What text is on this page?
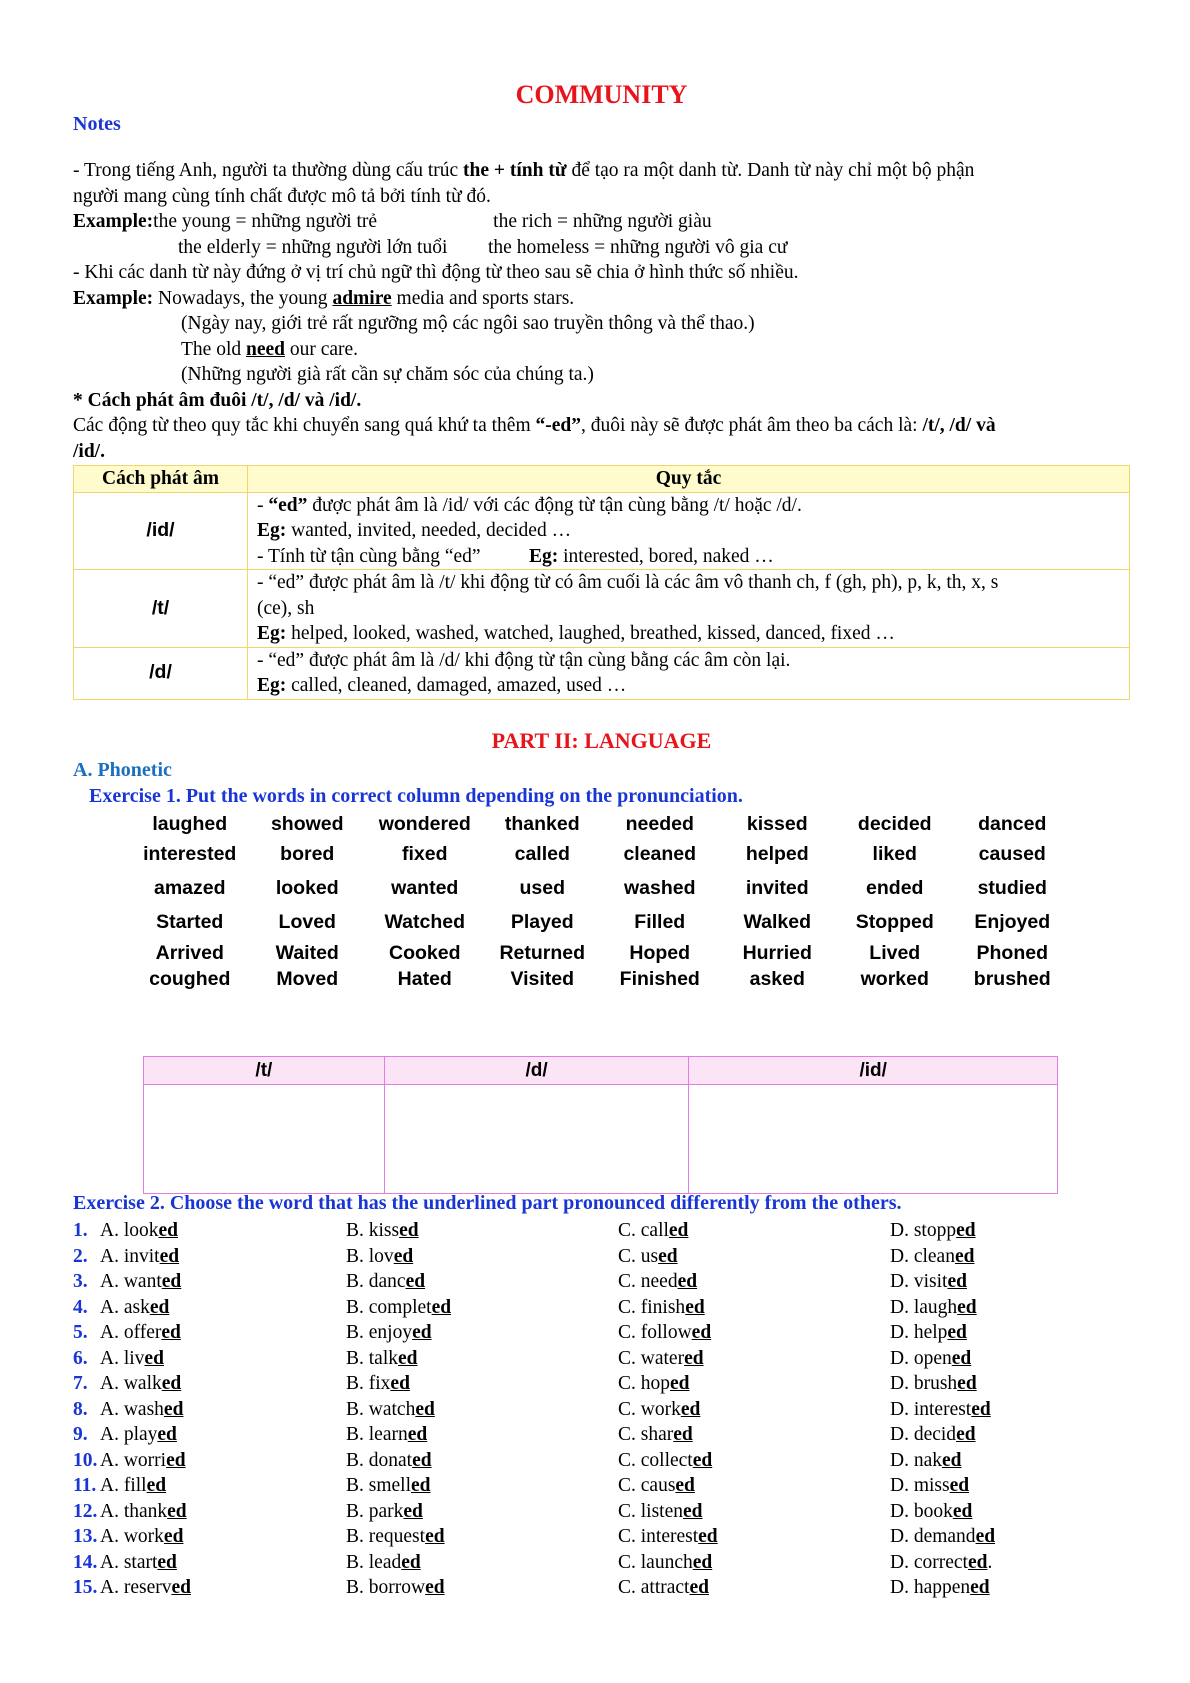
COMMUNITY
Notes
- Trong tiếng Anh, người ta thường dùng cấu trúc the + tính từ để tạo ra một danh từ. Danh từ này chỉ một bộ phận
người mang cùng tính chất được mô tả bởi tính từ đó.
Example:the young = những người trẻ	the rich = những người giàu
the elderly = những người lớn tuổi the homeless = những người vô gia cư
- Khi các danh từ này đứng ở vị trí chủ ngữ thì động từ theo sau sẽ chia ở hình thức số nhiều.
Example: Nowadays, the young admire media and sports stars.
(Ngày nay, giới trẻ rất ngưỡng mộ các ngôi sao truyền thông và thể thao.)
The old need our care.
(Những người già rất cần sự chăm sóc của chúng ta.)
* Cách phát âm đuôi /t/, /d/ và /id/.
Các động từ theo quy tắc khi chuyển sang quá khứ ta thêm “-ed”, đuôi này sẽ được phát âm theo ba cách là: /t/, /d/ và
/id/.
Cách phát âm	Quy tắc
/id/	- “ed” được phát âm là /id/ với các động từ tận cùng bằng /t/ hoặc /d/.
Eg: wanted, invited, needed, decided …
- Tính từ tận cùng bằng “ed” Eg: interested, bored, naked …

/t/	- “ed” được phát âm là /t/ khi động từ có âm cuối là các âm vô thanh ch, f (gh, ph), p, k, th, x, s
(ce), sh
Eg: helped, looked, washed, watched, laughed, breathed, kissed, danced, fixed …

/d/	- “ed” được phát âm là /d/ khi động từ tận cùng bằng các âm còn lại.
Eg: called, cleaned, damaged, amazed, used …
PART II: LANGUAGE
A. Phonetic
Exercise 1. Put the words in correct column depending on the pronunciation.
laughed	showed	wondered	thanked	needed	kissed	decided	danced
interested	bored	fixed	called	cleaned	helped	liked	caused
amazed	looked	wanted	used	washed	invited	ended	studied
Started	Loved	Watched	Played	Filled	Walked	Stopped	Enjoyed
Arrived	Waited	Cooked	Returned	Hoped	Hurried	Lived	Phoned
coughed	Moved	Hated	Visited	Finished	asked	worked	brushed
/t/	/d/	/id/

Exercise 2. Choose the word that has the underlined part pronounced differently from the others.
1. A. looked	B. kissed	C. called	D. stopped
2. A. invited	B. loved	C. used	D. cleaned
3. A. wanted	B. danced	C. needed	D. visited
4. A. asked	B. completed	C. finished	D. laughed
5. A. offered	B. enjoyed	C. followed	D. helped
6. A. lived	B. talked	C. watered	D. opened
7. A. walked	B. fixed	C. hoped	D. brushed
8. A. washed	B. watched	C. worked	D. interested
9. A. played	B. learned	C. shared	D. decided
10. A. worried	B. donated	C. collected	D. naked
11. A. filled	B. smelled	C. caused	D. missed
12. A. thanked	B. parked	C. listened	D. booked
13. A. worked	B. requested	C. interested	D. demanded
14. A. started	B. leaded	C. launched	D. corrected.
15. A. reserved	B. borrowed	C. attracted	D. happened
